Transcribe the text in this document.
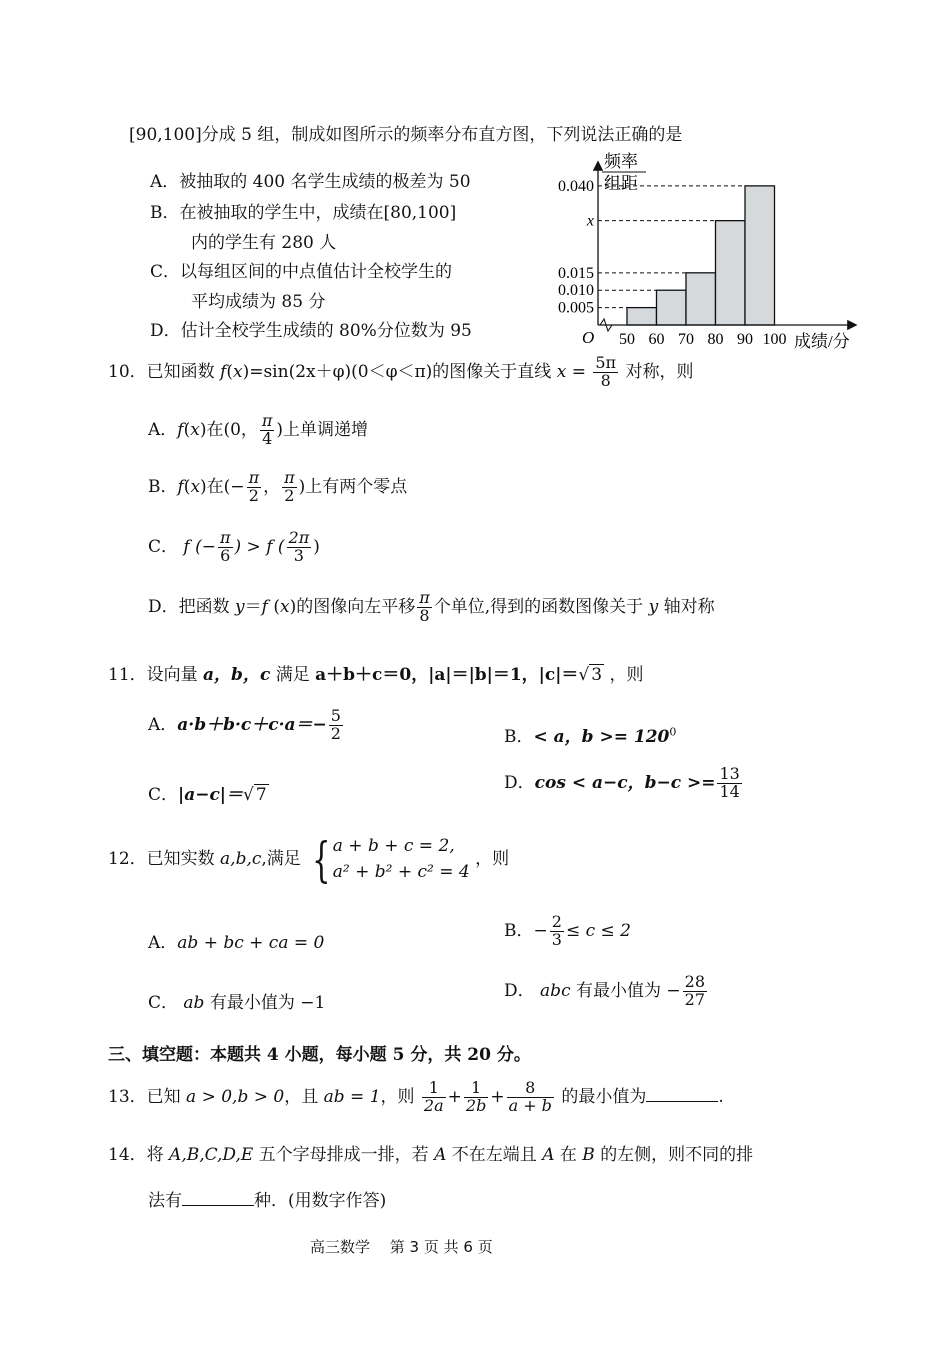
[90,100]分成 5 组，制成如图所示的频率分布直方图，下列说法正确的是
A．被抽取的 400 名学生成绩的极差为 50
B．在被抽取的学生中，成绩在[80,100]
内的学生有 280 人
C．以每组区间的中点值估计全校学生的
平均成绩为 85 分
D．估计全校学生成绩的 80%分位数为 95
频率
组距
O
0.005
0.010
0.015
x
0.040
50 60 70 80 90 100 成绩/分
10．已知函数 f(x)=sin(2x＋φ)(0＜φ＜π)的图像关于直线 $x = \frac{5\pi}{8}$ 对称，则
A．f(x)在(0， $\frac{\pi}{4}$ )上单调递增
B．f(x)在(− $\frac{\pi}{2}$ ， $\frac{\pi}{2}$ )上有两个零点
C． f (− $\frac{\pi}{6}$ ) > f ( $\frac{2\pi}{3}$ )
D．把函数 y＝f (x)的图像向左平移 $\frac{\pi}{8}$ 个单位,得到的函数图像关于 y 轴对称
11．设向量 a，b，c 满足 a＋b＋c＝0，|a|＝|b|＝1，|c|＝√ 3 ，则
A．$a\cdot b+b\cdot c+c\cdot a=- \frac{5}{2}$	B．< a，$b >= 120^0$
C．|a−c|＝√ 7
D．cos < a−c，$b-c >= \frac{13}{14}$
12．已知实数 a,b,c,满足 { a + b + c = 2,
a² + b² + c² = 4
，则
A．ab + bc + ca = 0
B．− $\frac{2}{3} \le c \le 2$
C． ab 有最小值为 −1
D． abc 有最小值为 − $\frac{28}{27}$
三、填空题：本题共 4 小题，每小题 5 分，共 20 分。
13．已知 a > 0,b > 0，且 ab = 1，则 $\frac{1}{2a} + \frac{1}{2b} + \frac{8}{a + b}$ 的最小值为	.
14．将 A,B,C,D,E 五个字母排成一排，若 A 不在左端且 A 在 B 的左侧，则不同的排
法有	种．(用数字作答)
高三数学　 第 3 页 共 6 页
